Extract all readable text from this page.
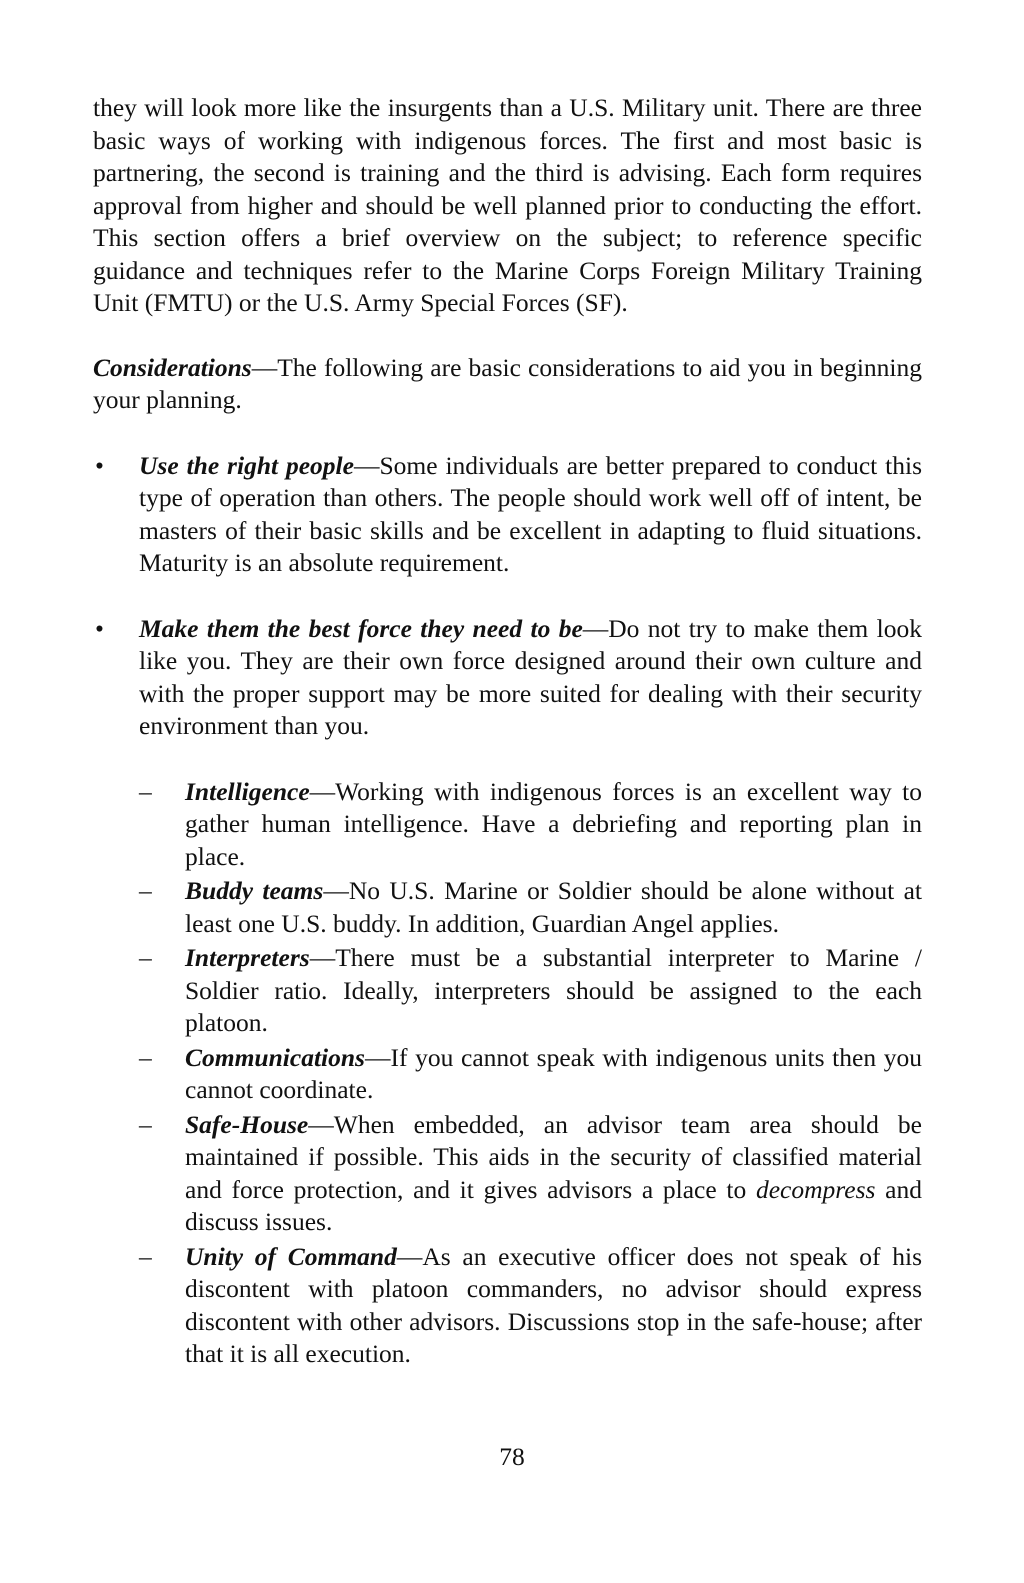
they will look more like the insurgents than a U.S. Military unit. There are three basic ways of working with indigenous forces. The first and most basic is partnering, the second is training and the third is advising. Each form requires approval from higher and should be well planned prior to conducting the effort. This section offers a brief overview on the subject; to reference specific guidance and techniques refer to the Marine Corps Foreign Military Training Unit (FMTU) or the U.S. Army Special Forces (SF).

Considerations—The following are basic considerations to aid you in beginning your planning.

•	Use the right people—Some individuals are better prepared to conduct this type of operation than others. The people should work well off of intent, be masters of their basic skills and be excellent in adapting to fluid situations. Maturity is an absolute requirement.
•	Make them the best force they need to be—Do not try to make them look like you. They are their own force designed around their own culture and with the proper support may be more suited for dealing with their security environment than you.
–	Intelligence—Working with indigenous forces is an excellent way to gather human intelligence. Have a debriefing and reporting plan in place.
–	Buddy teams—No U.S. Marine or Soldier should be alone without at least one U.S. buddy. In addition, Guardian Angel applies.
–	Interpreters—There must be a substantial interpreter to Marine / Soldier ratio. Ideally, interpreters should be assigned to the each platoon.
–	Communications—If you cannot speak with indigenous units then you cannot coordinate.
–	Safe-House—When embedded, an advisor team area should be maintained if possible. This aids in the security of classified material and force protection, and it gives advisors a place to decompress and discuss issues.
–	Unity of Command—As an executive officer does not speak of his discontent with platoon commanders, no advisor should express discontent with other advisors. Discussions stop in the safe-house; after that it is all execution.
78
